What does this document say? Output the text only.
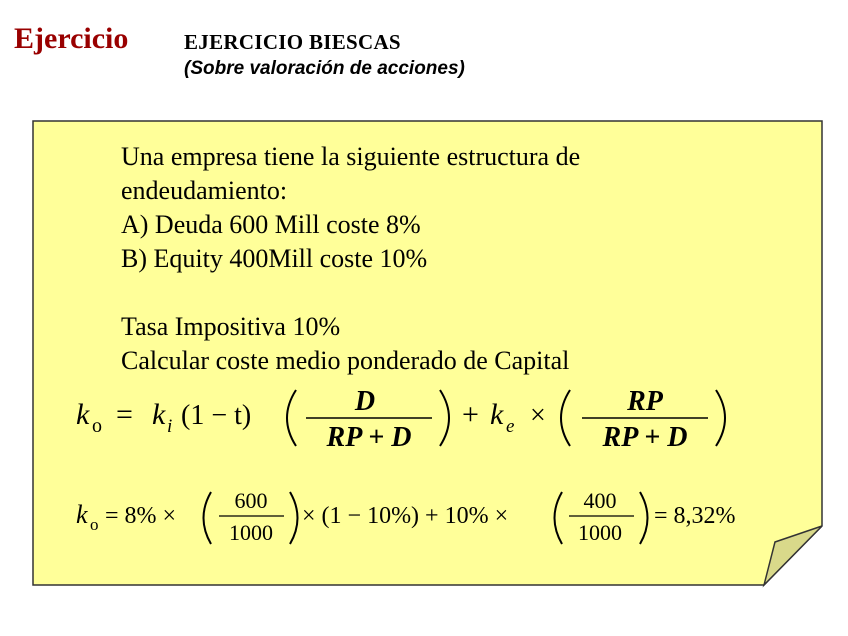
Ejercicio	EJERCICIO BIESCAS
(Sobre valoración de acciones)
k o = k i (1 − t)	D
RP + D
+ k e ×	RP
RP + D
k o = 8% ×
600
1000
× (1 − 10%) + 10% ×
400
1000
= 8,32%
Una empresa tiene la siguiente estructura de
endeudamiento:
A) Deuda 600 Mill coste 8%
B) Equity 400Mill coste 10%
Tasa Impositiva 10%
Calcular coste medio ponderado de Capital
